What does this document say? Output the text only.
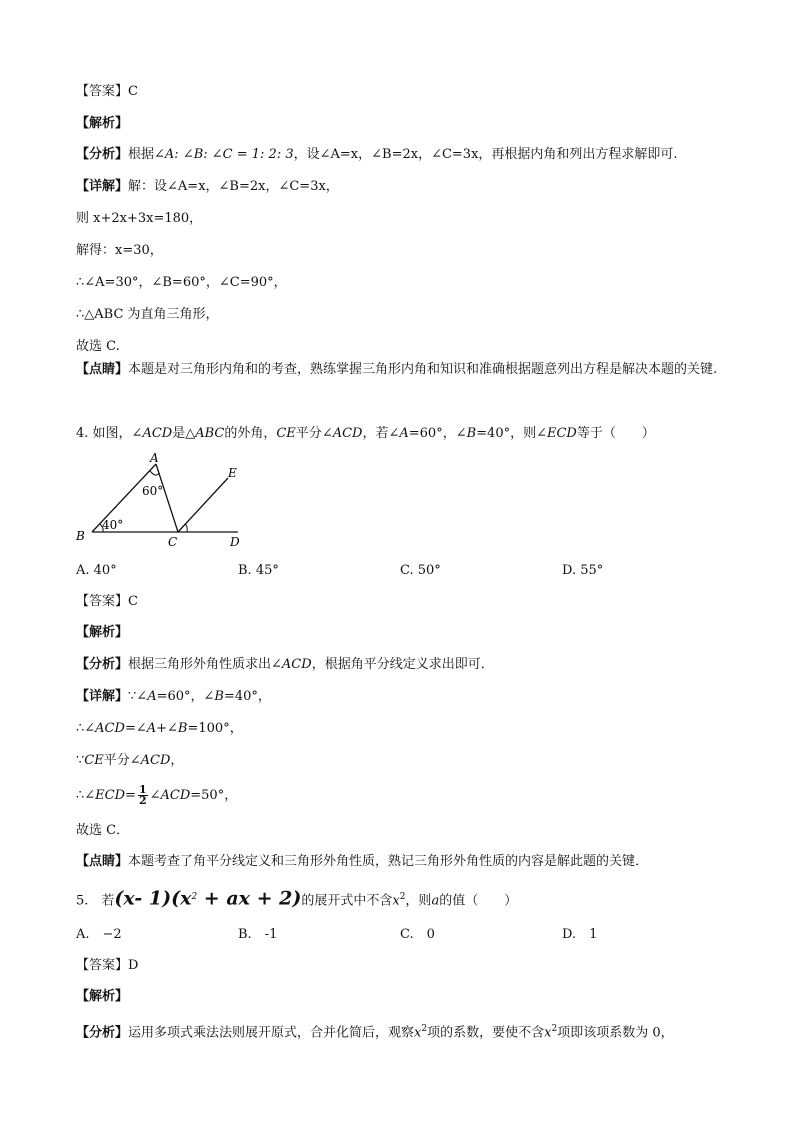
【答案】C
【解析】
【分析】根据∠A: ∠B: ∠C = 1: 2: 3，设∠A=x，∠B=2x，∠C=3x，再根据内角和列出方程求解即可.
【详解】解：设∠A=x，∠B=2x，∠C=3x，
则 x+2x+3x=180，
解得：x=30，
∴∠A=30°，∠B=60°，∠C=90°，
∴△ABC 为直角三角形，
故选 C.
【点睛】本题是对三角形内角和的考查，熟练掌握三角形内角和知识和准确根据题意列出方程是解决本题的关键.
4. 如图，∠ACD是△ABC的外角，CE平分∠ACD，若∠A=60°，∠B=40°，则∠ECD等于（　　）
A
B	C	D
E
60°
40°
A. 40°	B. 45°	C. 50°	D. 55°
【答案】C
【解析】
【分析】根据三角形外角性质求出∠ACD，根据角平分线定义求出即可．
【详解】∵∠A=60°，∠B=40°，
∴∠ACD=∠A+∠B=100°，
∵CE平分∠ACD，
∴∠ECD= $\frac{1}{2}$ ∠ACD=50°，
故选 C．
【点睛】本题考查了角平分线定义和三角形外角性质，熟记三角形外角性质的内容是解此题的关键．
5.　若(x- $1)(x^2$ + ax + 2)的展开式中不含$x^2$，则a的值（　　）
A.　−2	B.　-1	C.　0	D.　1
【答案】D
【解析】
【分析】运用多项式乘法法则展开原式，合并化简后，观察$x^2$项的系数，要使不含$x^2$项即该项系数为 0，
